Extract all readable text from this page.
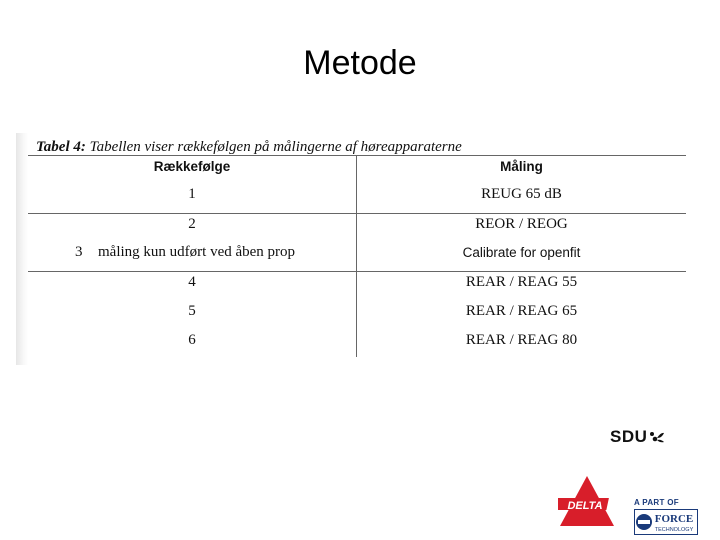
Metode
Tabel 4: Tabellen viser rækkefølgen på målingerne af høreapparaterne
Rækkefølge	Måling
1	REUG 65 dB
2	REOR / REOG
3 måling kun udført ved åben prop	Calibrate for openfit
4	REAR / REAG 55
5	REAR / REAG 65
6	REAR / REAG 80
SDU
DELTA	A PART OF
FORCE
TECHNOLOGY
